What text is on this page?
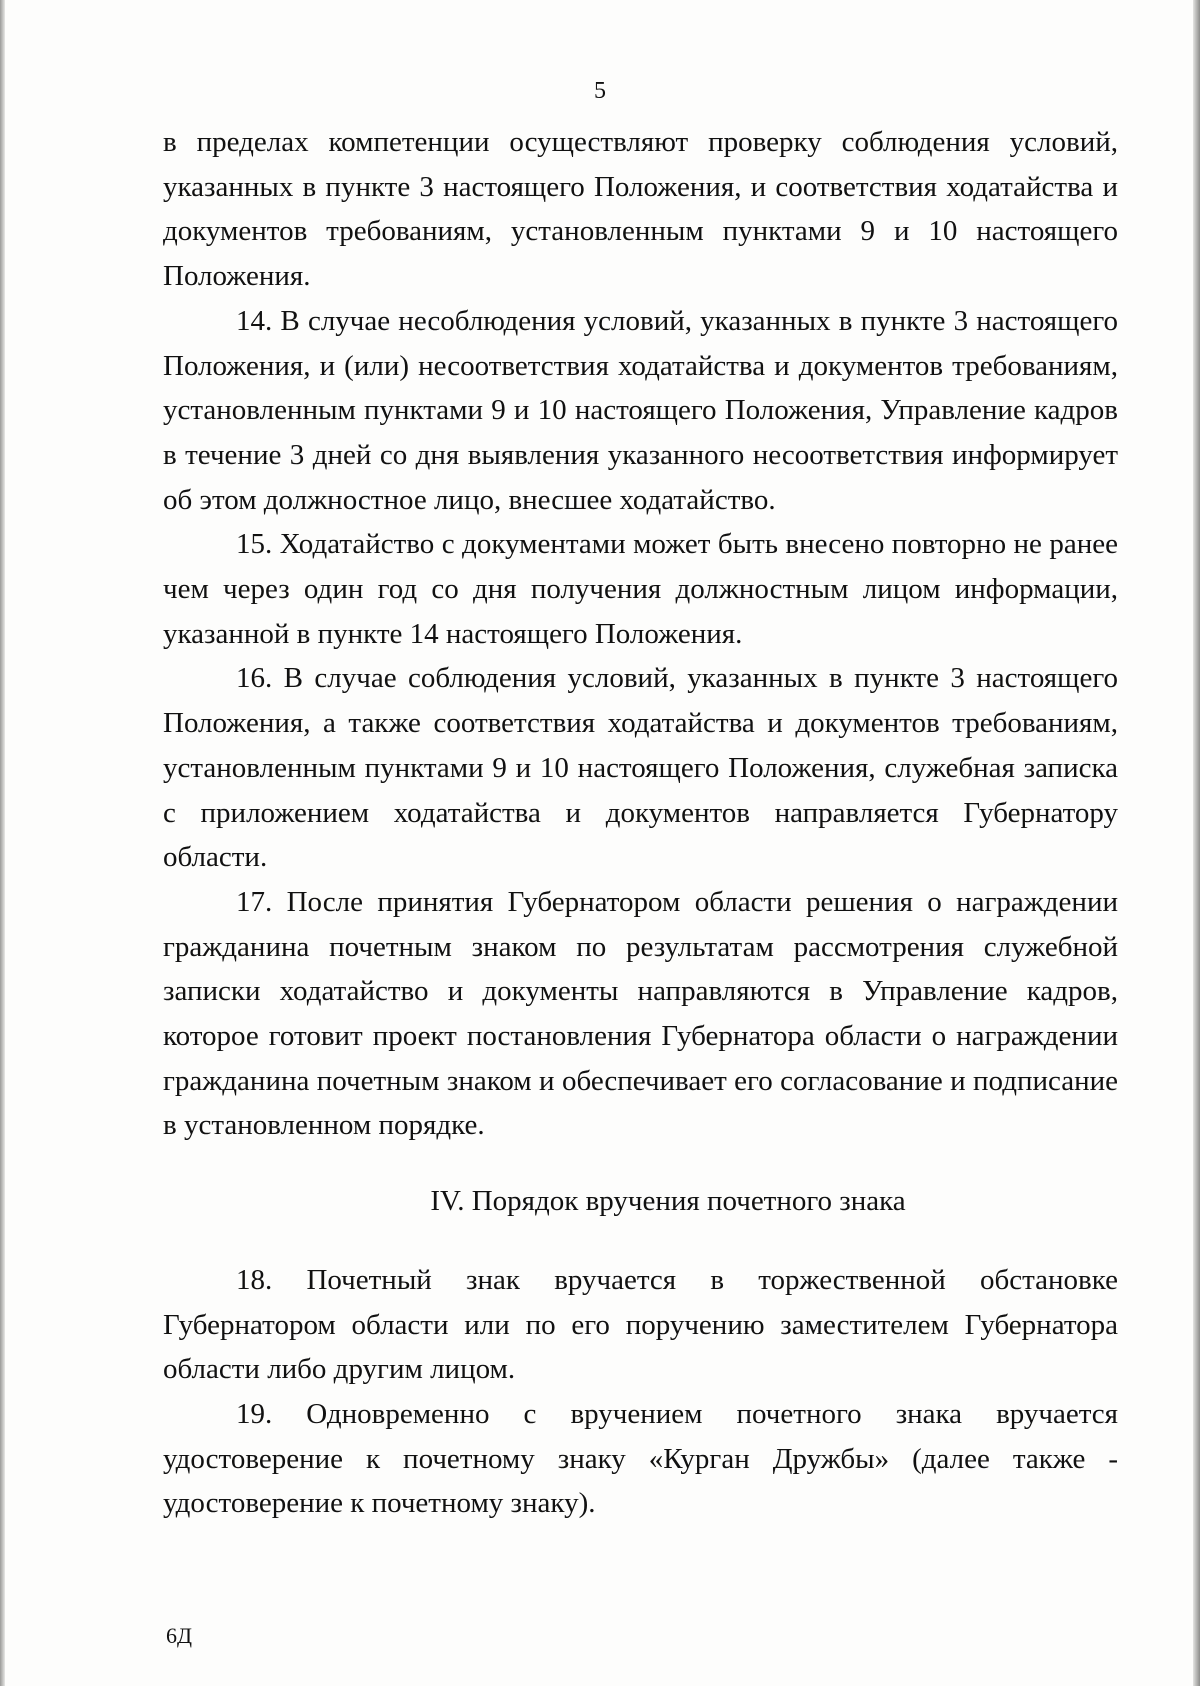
5

в пределах компетенции осуществляют проверку соблюдения условий, указанных в пункте 3 настоящего Положения, и соответствия ходатайства и документов требованиям, установленным пунктами 9 и 10 настоящего Положения.

14. В случае несоблюдения условий, указанных в пункте 3 настоящего Положения, и (или) несоответствия ходатайства и документов требованиям, установленным пунктами 9 и 10 настоящего Положения, Управление кадров в течение 3 дней со дня выявления указанного несоответствия информирует об этом должностное лицо, внесшее ходатайство.

15. Ходатайство с документами может быть внесено повторно не ранее чем через один год со дня получения должностным лицом информации, указанной в пункте 14 настоящего Положения.

16. В случае соблюдения условий, указанных в пункте 3 настоящего Положения, а также соответствия ходатайства и документов требованиям, установленным пунктами 9 и 10 настоящего Положения, служебная записка с приложением ходатайства и документов направляется Губернатору области.

17. После принятия Губернатором области решения о награждении гражданина почетным знаком по результатам рассмотрения служебной записки ходатайство и документы направляются в Управление кадров, которое готовит проект постановления Губернатора области о награждении гражданина почетным знаком и обеспечивает его согласование и подписание в установленном порядке.

IV. Порядок вручения почетного знака

18. Почетный знак вручается в торжественной обстановке Губернатором области или по его поручению заместителем Губернатора области либо другим лицом.

19. Одновременно с вручением почетного знака вручается удостоверение к почетному знаку «Курган Дружбы» (далее также - удостоверение к почетному знаку).

6Д
